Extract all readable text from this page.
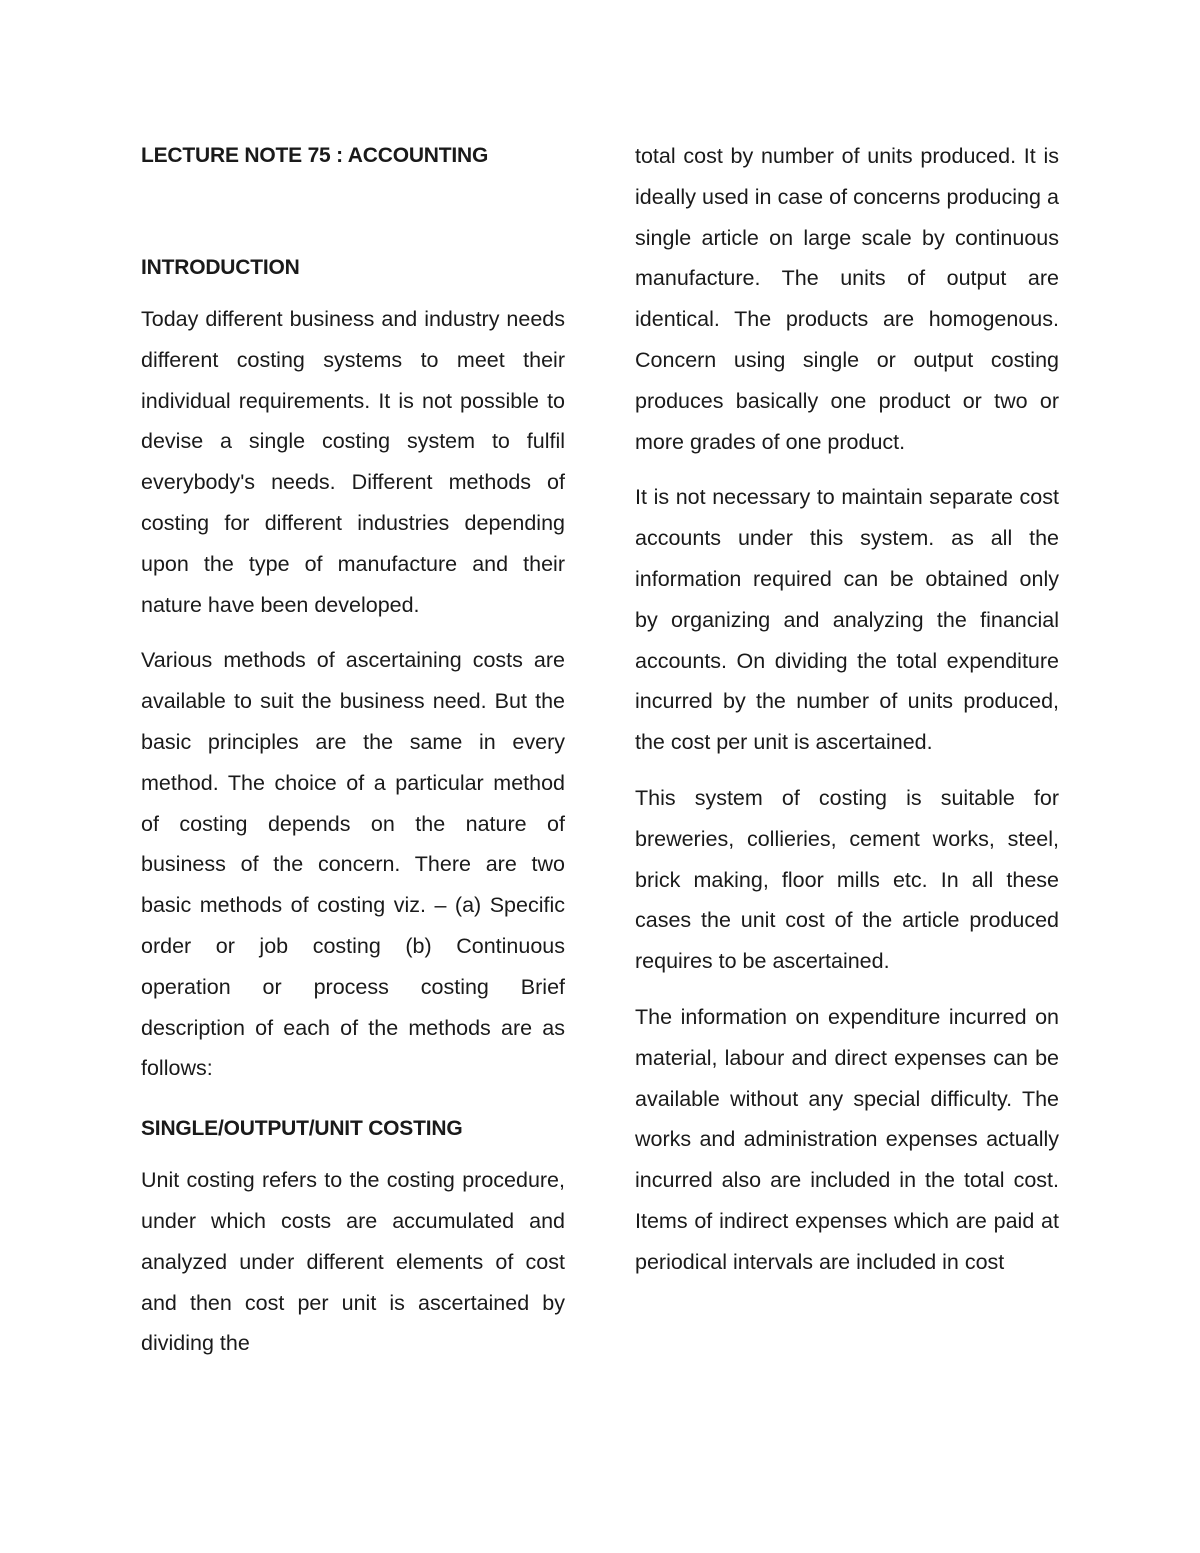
LECTURE NOTE 75 : ACCOUNTING
INTRODUCTION

Today different business and industry needs different costing systems to meet their individual requirements. It is not possible to devise a single costing system to fulfil everybody's needs. Different methods of costing for different industries depending upon the type of manufacture and their nature have been developed.

Various methods of ascertaining costs are available to suit the business need. But the basic principles are the same in every method. The choice of a particular method of costing depends on the nature of business of the concern. There are two basic methods of costing viz. – (a) Specific order or job costing (b) Continuous operation or process costing Brief description of each of the methods are as follows:

SINGLE/OUTPUT/UNIT COSTING

Unit costing refers to the costing procedure, under which costs are accumulated and analyzed under different elements of cost and then cost per unit is ascertained by dividing the

total cost by number of units produced. It is ideally used in case of concerns producing a single article on large scale by continuous manufacture. The units of output are identical. The products are homogenous. Concern using single or output costing produces basically one product or two or more grades of one product.

It is not necessary to maintain separate cost accounts under this system. as all the information required can be obtained only by organizing and analyzing the financial accounts. On dividing the total expenditure incurred by the number of units produced, the cost per unit is ascertained.

This system of costing is suitable for breweries, collieries, cement works, steel, brick making, floor mills etc. In all these cases the unit cost of the article produced requires to be ascertained.

The information on expenditure incurred on material, labour and direct expenses can be available without any special difficulty. The works and administration expenses actually incurred also are included in the total cost. Items of indirect expenses which are paid at periodical intervals are included in cost
